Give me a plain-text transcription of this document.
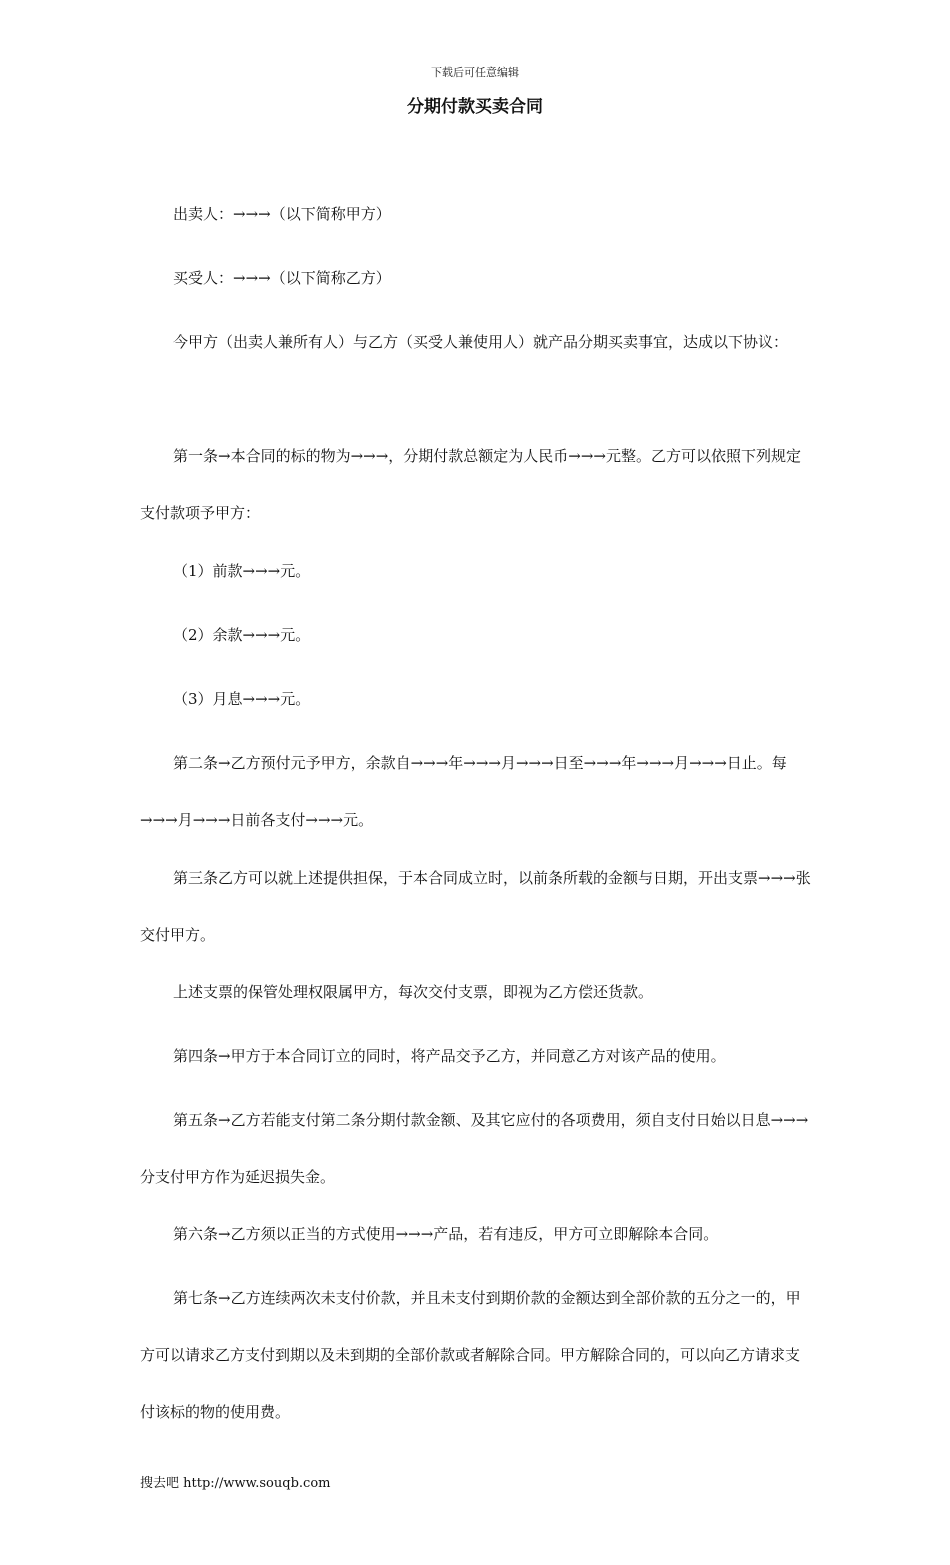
下载后可任意编辑
分期付款买卖合同
出卖人：→→→（以下简称甲方）
买受人：→→→（以下简称乙方）
今甲方（出卖人兼所有人）与乙方（买受人兼使用人）就产品分期买卖事宜，达成以下协议：
第一条→本合同的标的物为→→→，分期付款总额定为人民币→→→元整。乙方可以依照下列规定支付款项予甲方：
（1）前款→→→元。
（2）余款→→→元。
（3）月息→→→元。
第二条→乙方预付元予甲方，余款自→→→年→→→月→→→日至→→→年→→→月→→→日止。每→→→月→→→日前各支付→→→元。
第三条乙方可以就上述提供担保，于本合同成立时，以前条所载的金额与日期，开出支票→→→张交付甲方。
上述支票的保管处理权限属甲方，每次交付支票，即视为乙方偿还货款。
第四条→甲方于本合同订立的同时，将产品交予乙方，并同意乙方对该产品的使用。
第五条→乙方若能支付第二条分期付款金额、及其它应付的各项费用，须自支付日始以日息→→→分支付甲方作为延迟损失金。
第六条→乙方须以正当的方式使用→→→产品，若有违反，甲方可立即解除本合同。
第七条→乙方连续两次未支付价款，并且未支付到期价款的金额达到全部价款的五分之一的，甲方可以请求乙方支付到期以及未到期的全部价款或者解除合同。甲方解除合同的，可以向乙方请求支付该标的物的使用费。
搜去吧 http://www.souqb.com
